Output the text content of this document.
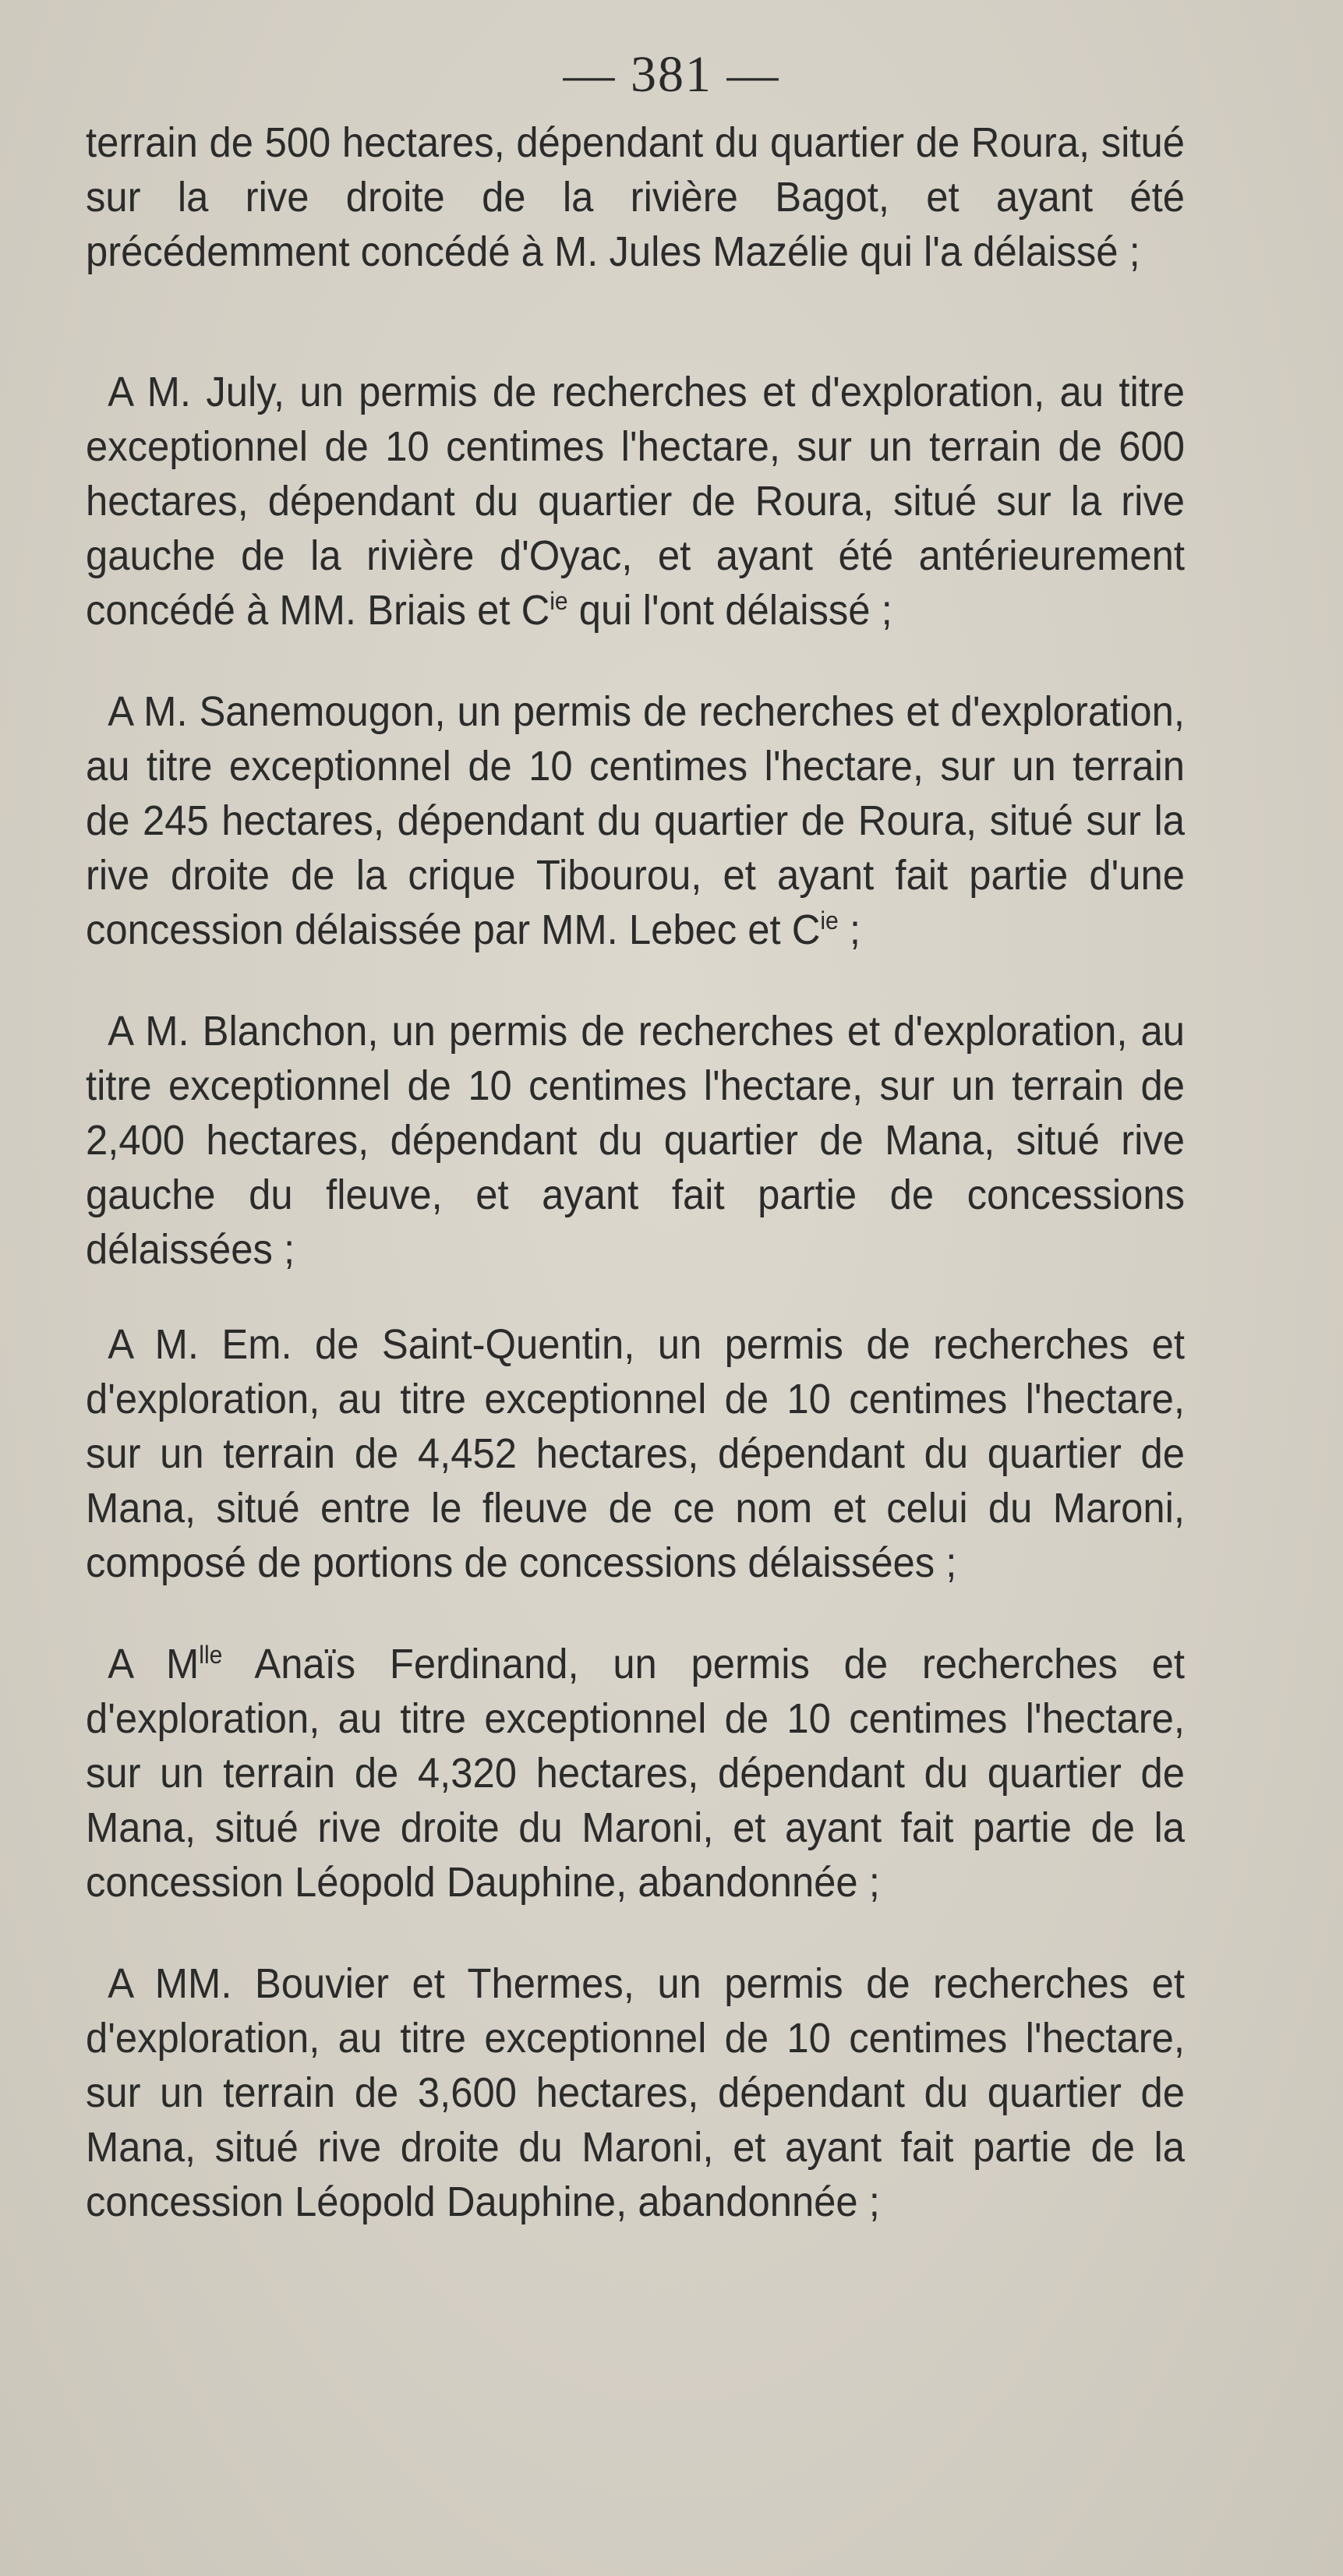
— 381 —

terrain de 500 hectares, dépendant du quartier de Roura, situé sur la rive droite de la rivière Bagot, et ayant été précédemment concédé à M. Jules Mazélie qui l'a délaissé ;

A M. July, un permis de recherches et d'exploration, au titre exceptionnel de 10 centimes l'hectare, sur un terrain de 600 hectares, dépendant du quartier de Roura, situé sur la rive gauche de la rivière d'Oyac, et ayant été antérieurement concédé à MM. Briais et $C^{ie}$ qui l'ont délaissé ;

A M. Sanemougon, un permis de recherches et d'exploration, au titre exceptionnel de 10 centimes l'hectare, sur un terrain de 245 hectares, dépendant du quartier de Roura, situé sur la rive droite de la crique Tibourou, et ayant fait partie d'une concession délaissée par MM. Lebec et $C^{ie}$ ;

A M. Blanchon, un permis de recherches et d'exploration, au titre exceptionnel de 10 centimes l'hectare, sur un terrain de 2,400 hectares, dépendant du quartier de Mana, situé rive gauche du fleuve, et ayant fait partie de concessions délaissées ;

A M. Em. de Saint-Quentin, un permis de recherches et d'exploration, au titre exceptionnel de 10 centimes l'hectare, sur un terrain de 4,452 hectares, dépendant du quartier de Mana, situé entre le fleuve de ce nom et celui du Maroni, composé de portions de concessions délaissées ;

A $M^{lle}$ Anaïs Ferdinand, un permis de recherches et d'exploration, au titre exceptionnel de 10 centimes l'hectare, sur un terrain de 4,320 hectares, dépendant du quartier de Mana, situé rive droite du Maroni, et ayant fait partie de la concession Léopold Dauphine, abandonnée ;

A MM. Bouvier et Thermes, un permis de recherches et d'exploration, au titre exceptionnel de 10 centimes l'hectare, sur un terrain de 3,600 hectares, dépendant du quartier de Mana, situé rive droite du Maroni, et ayant fait partie de la concession Léopold Dauphine, abandonnée ;
